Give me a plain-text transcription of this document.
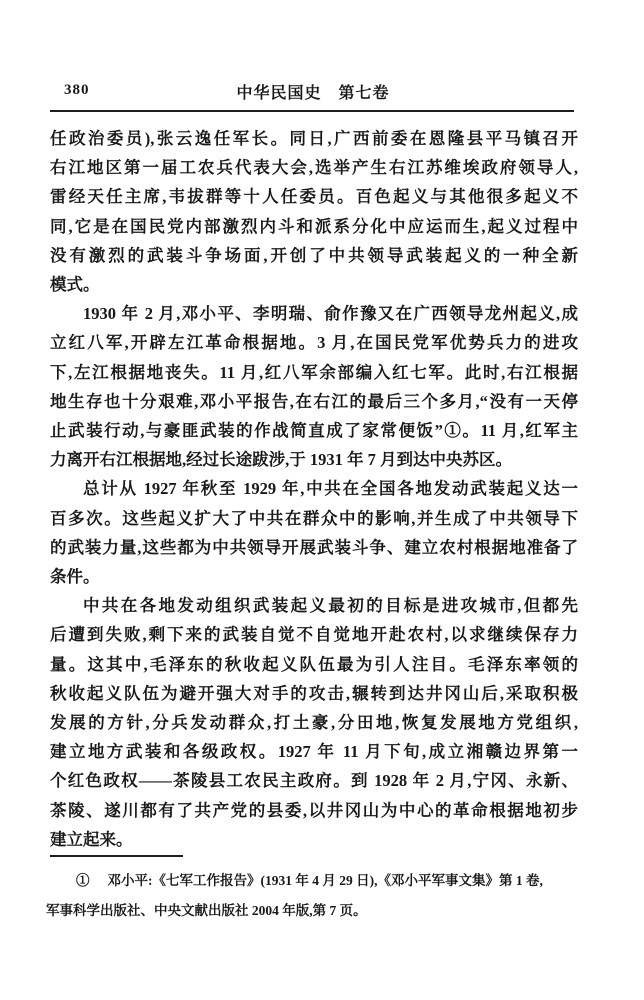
380	中华民国史　第七卷
任政治委员),张云逸任军长。同日,广西前委在恩隆县平马镇召开
右江地区第一届工农兵代表大会,选举产生右江苏维埃政府领导人,
雷经天任主席,韦拔群等十人任委员。百色起义与其他很多起义不
同,它是在国民党内部激烈内斗和派系分化中应运而生,起义过程中
没有激烈的武装斗争场面,开创了中共领导武装起义的一种全新
模式。
1930 年 2 月,邓小平、李明瑞、俞作豫又在广西领导龙州起义,成
立红八军,开辟左江革命根据地。3 月,在国民党军优势兵力的进攻
下,左江根据地丧失。11 月,红八军余部编入红七军。此时,右江根据
地生存也十分艰难,邓小平报告,在右江的最后三个多月,“没有一天停
止武装行动,与豪匪武装的作战简直成了家常便饭”①。11 月,红军主
力离开右江根据地,经过长途跋涉,于 1931 年 7 月到达中央苏区。
总计从 1927 年秋至 1929 年,中共在全国各地发动武装起义达一
百多次。这些起义扩大了中共在群众中的影响,并生成了中共领导下
的武装力量,这些都为中共领导开展武装斗争、建立农村根据地准备了
条件。
中共在各地发动组织武装起义最初的目标是进攻城市,但都先
后遭到失败,剩下来的武装自觉不自觉地开赴农村,以求继续保存力
量。这其中,毛泽东的秋收起义队伍最为引人注目。毛泽东率领的
秋收起义队伍为避开强大对手的攻击,辗转到达井冈山后,采取积极
发展的方针,分兵发动群众,打土豪,分田地,恢复发展地方党组织,
建立地方武装和各级政权。1927 年 11 月下旬,成立湘赣边界第一
个红色政权——茶陵县工农民主政府。到 1928 年 2 月,宁冈、永新、
茶陵、遂川都有了共产党的县委,以井冈山为中心的革命根据地初步
建立起来。
① 邓小平:《七军工作报告》(1931 年 4 月 29 日),《邓小平军事文集》第 1 卷,
军事科学出版社、中央文献出版社 2004 年版,第 7 页。
